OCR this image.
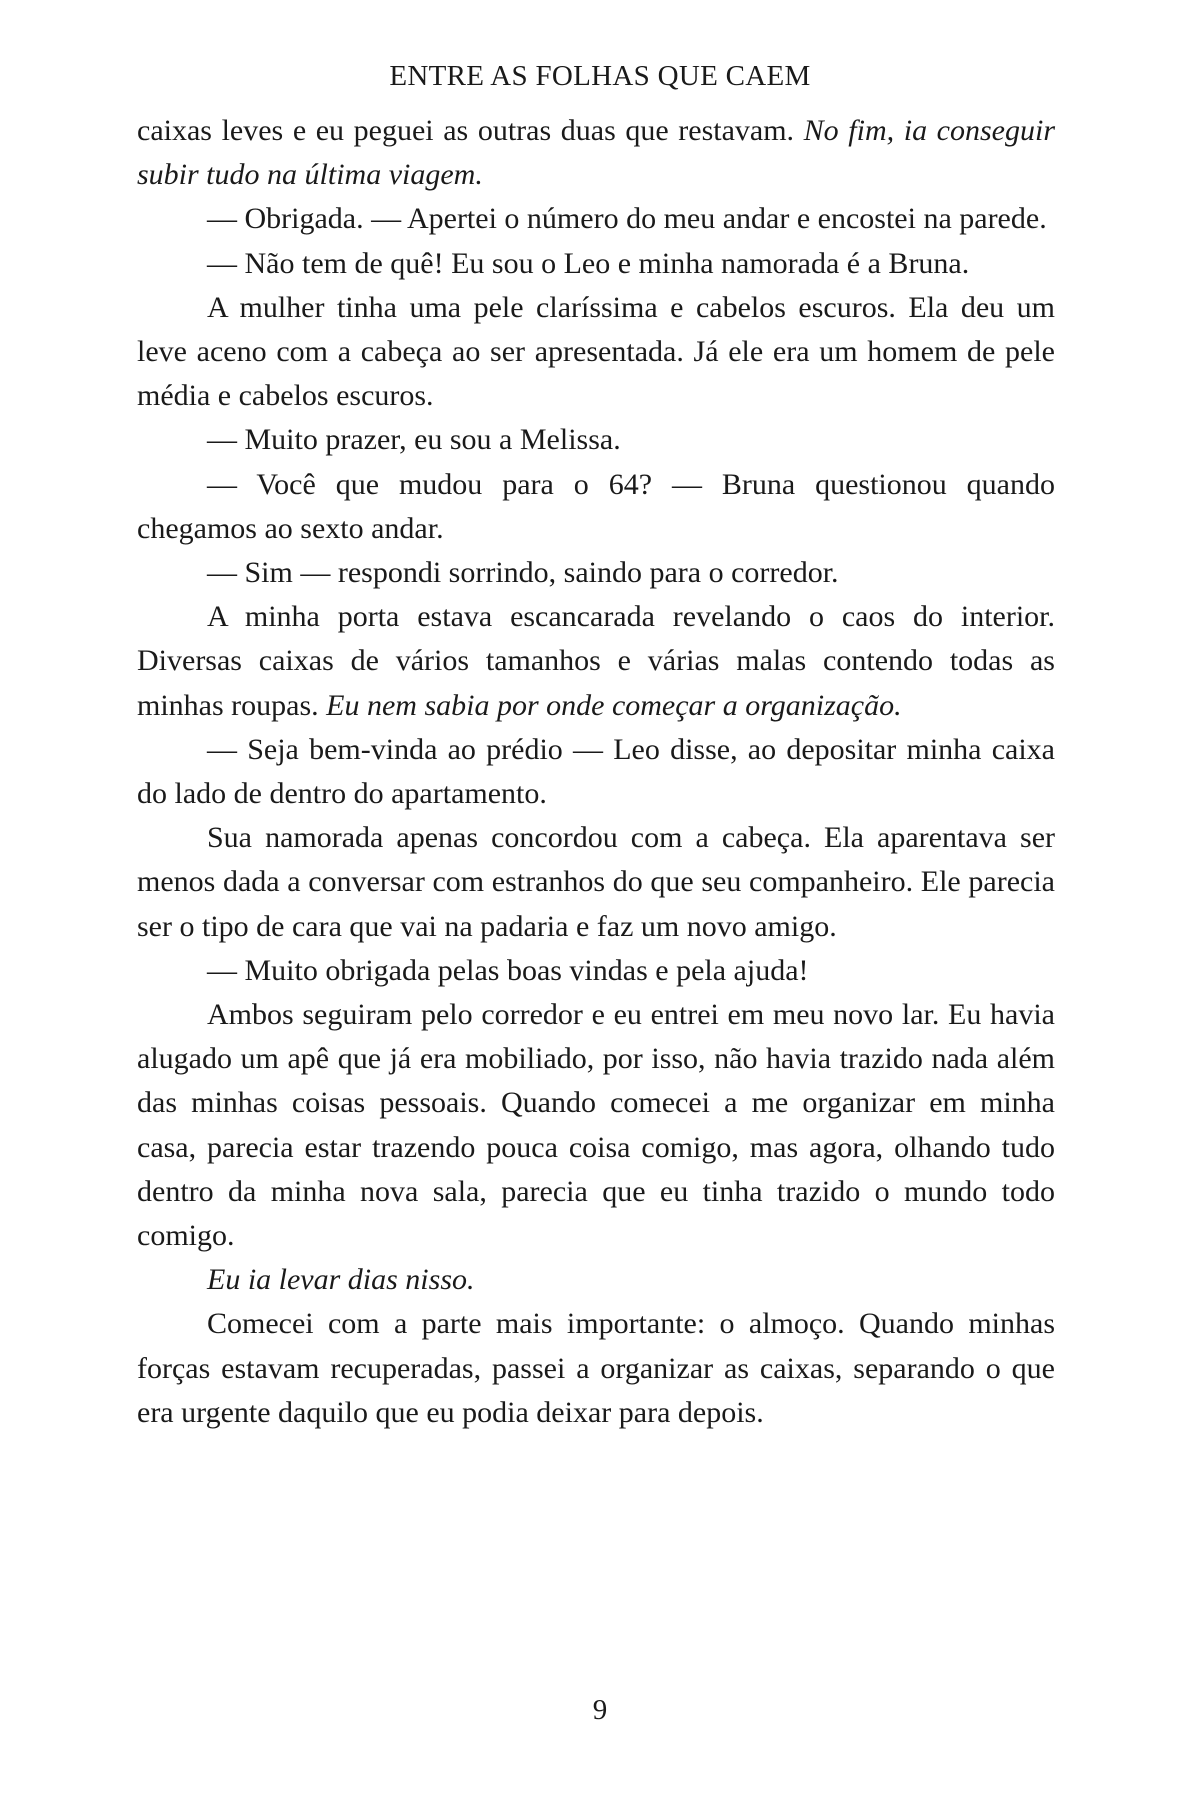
ENTRE AS FOLHAS QUE CAEM

caixas leves e eu peguei as outras duas que restavam. No fim, ia conseguir subir tudo na última viagem.

— Obrigada. — Apertei o número do meu andar e encostei na parede.

— Não tem de quê! Eu sou o Leo e minha namorada é a Bruna.

A mulher tinha uma pele claríssima e cabelos escuros. Ela deu um leve aceno com a cabeça ao ser apresentada. Já ele era um homem de pele média e cabelos escuros.

— Muito prazer, eu sou a Melissa.

— Você que mudou para o 64? — Bruna questionou quando chegamos ao sexto andar.

— Sim — respondi sorrindo, saindo para o corredor.

A minha porta estava escancarada revelando o caos do interior. Diversas caixas de vários tamanhos e várias malas contendo todas as minhas roupas. Eu nem sabia por onde começar a organização.

— Seja bem-vinda ao prédio — Leo disse, ao depositar minha caixa do lado de dentro do apartamento.

Sua namorada apenas concordou com a cabeça. Ela aparentava ser menos dada a conversar com estranhos do que seu companheiro. Ele parecia ser o tipo de cara que vai na padaria e faz um novo amigo.

— Muito obrigada pelas boas vindas e pela ajuda!

Ambos seguiram pelo corredor e eu entrei em meu novo lar. Eu havia alugado um apê que já era mobiliado, por isso, não havia trazido nada além das minhas coisas pessoais. Quando comecei a me organizar em minha casa, parecia estar trazendo pouca coisa comigo, mas agora, olhando tudo dentro da minha nova sala, parecia que eu tinha trazido o mundo todo comigo.

Eu ia levar dias nisso.

Comecei com a parte mais importante: o almoço. Quando minhas forças estavam recuperadas, passei a organizar as caixas, separando o que era urgente daquilo que eu podia deixar para depois.

9
